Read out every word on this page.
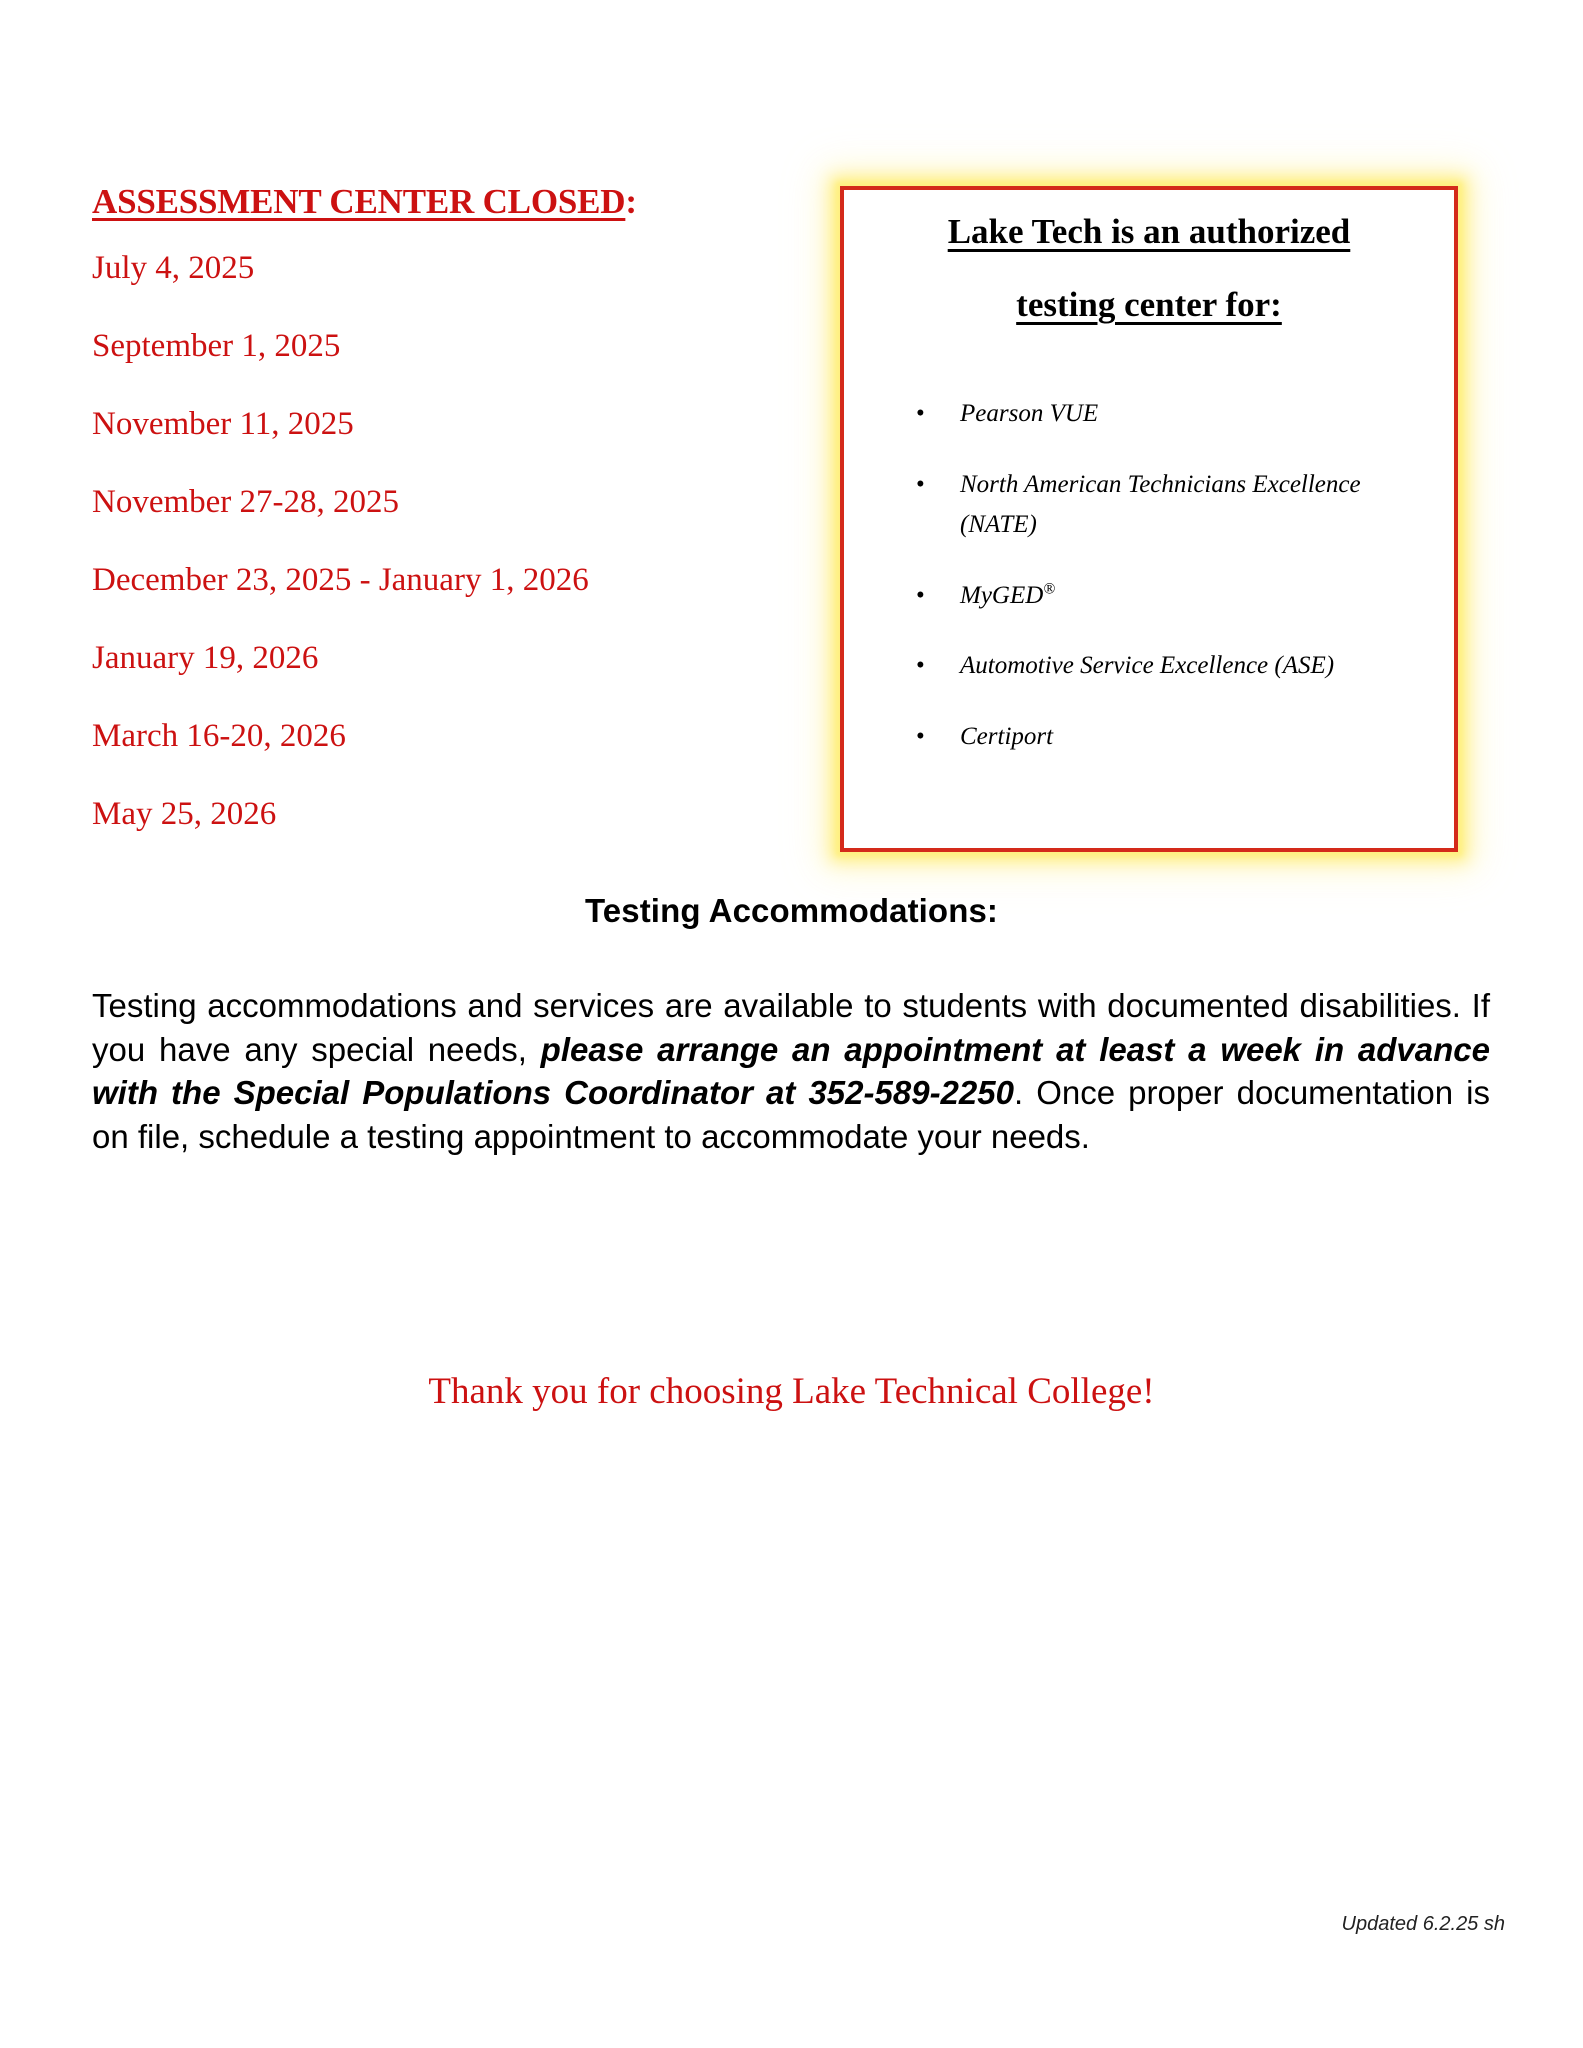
ASSESSMENT CENTER CLOSED:

July 4, 2025

September 1, 2025

November 11, 2025

November 27-28, 2025

December 23, 2025 - January 1, 2026

January 19, 2026

March 16-20, 2026

May 25, 2026

Lake Tech is an authorized
testing center for:
• Pearson VUE
• North American Technicians Excellence (NATE)
• MyGED®
• Automotive Service Excellence (ASE)
• Certiport
Testing Accommodations:
Testing accommodations and services are available to students with documented disabilities. If you have any special needs, please arrange an appointment at least a week in advance with the Special Populations Coordinator at 352-589-2250. Once proper documentation is on file, schedule a testing appointment to accommodate your needs.
Thank you for choosing Lake Technical College!
Updated 6.2.25 sh
